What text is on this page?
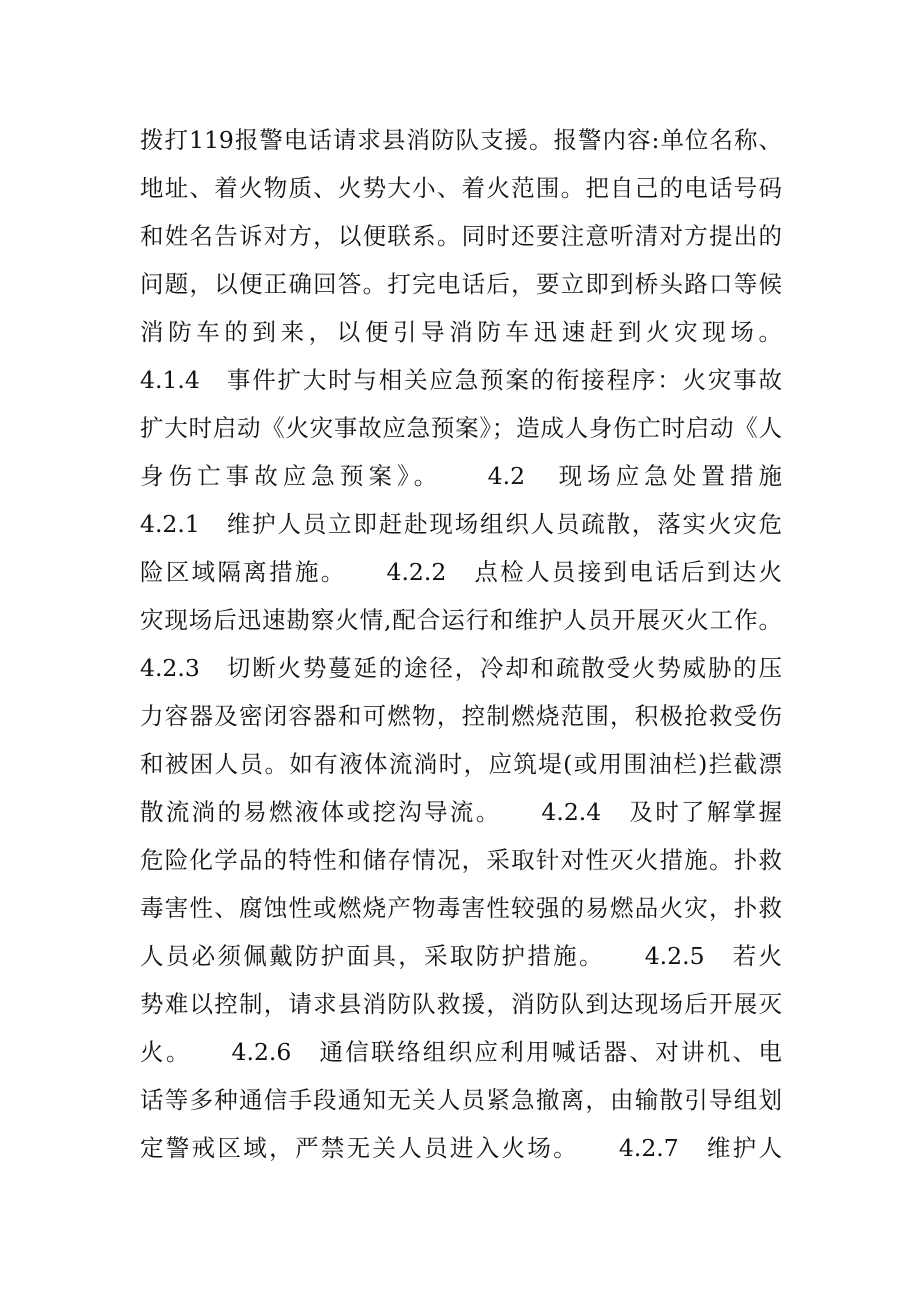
拨打119报警电话请求县消防队支援。报警内容:单位名称、
地址、着火物质、火势大小、着火范围。把自己的电话号码
和姓名告诉对方，以便联系。同时还要注意听清对方提出的
问题，以便正确回答。打完电话后，要立即到桥头路口等候
消防车的到来，以便引导消防车迅速赶到火灾现场。
4.1.4　事件扩大时与相关应急预案的衔接程序：火灾事故
扩大时启动《火灾事故应急预案》；造成人身伤亡时启动《人
身伤亡事故应急预案》。　　4.2　现场应急处置措施
4.2.1　维护人员立即赶赴现场组织人员疏散，落实火灾危
险区域隔离措施。　　4.2.2　点检人员接到电话后到达火
灾现场后迅速勘察火情,配合运行和维护人员开展灭火工作。
4.2.3　切断火势蔓延的途径，冷却和疏散受火势威胁的压
力容器及密闭容器和可燃物，控制燃烧范围，积极抢救受伤
和被困人员。如有液体流淌时，应筑堤(或用围油栏)拦截漂
散流淌的易燃液体或挖沟导流。　　4.2.4　及时了解掌握
危险化学品的特性和储存情况，采取针对性灭火措施。扑救
毒害性、腐蚀性或燃烧产物毒害性较强的易燃品火灾，扑救
人员必须佩戴防护面具，采取防护措施。　　4.2.5　若火
势难以控制，请求县消防队救援，消防队到达现场后开展灭
火。　　4.2.6　通信联络组织应利用喊话器、对讲机、电
话等多种通信手段通知无关人员紧急撤离，由输散引导组划
定警戒区域，严禁无关人员进入火场。　　4.2.7　维护人
